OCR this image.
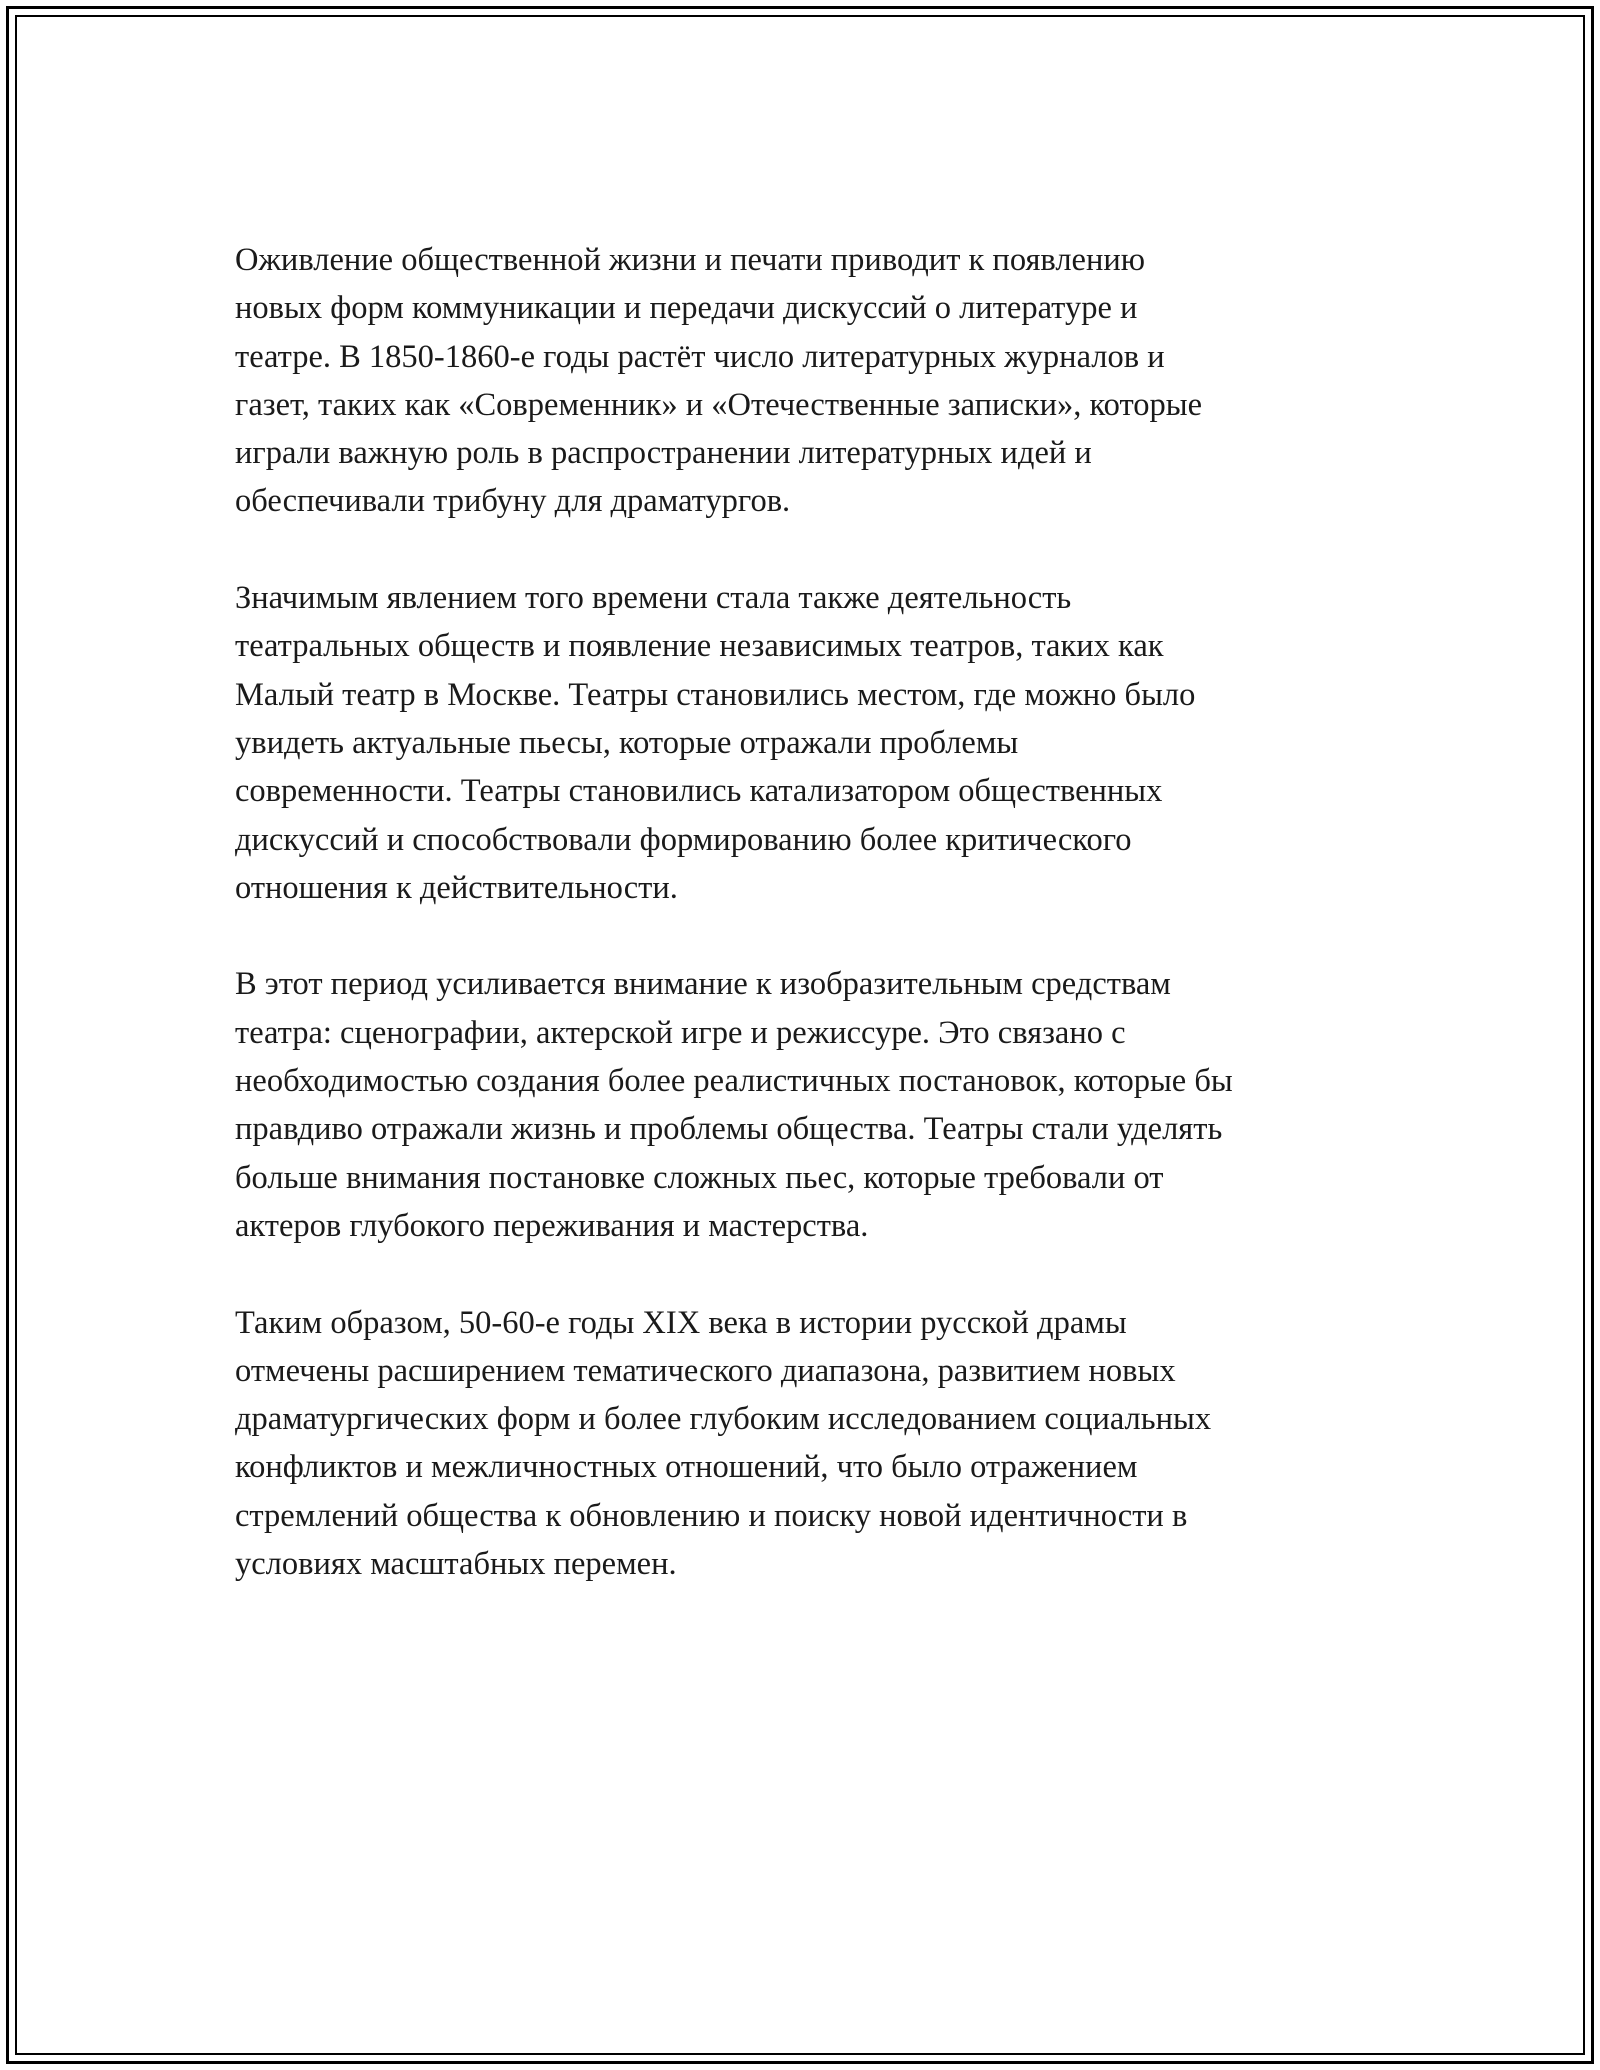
Оживление общественной жизни и печати приводит к появлению
новых форм коммуникации и передачи дискуссий о литературе и
театре. В 1850-1860-е годы растёт число литературных журналов и
газет, таких как «Современник» и «Отечественные записки», которые
играли важную роль в распространении литературных идей и
обеспечивали трибуну для драматургов.

Значимым явлением того времени стала также деятельность
театральных обществ и появление независимых театров, таких как
Малый театр в Москве. Театры становились местом, где можно было
увидеть актуальные пьесы, которые отражали проблемы
современности. Театры становились катализатором общественных
дискуссий и способствовали формированию более критического
отношения к действительности.

В этот период усиливается внимание к изобразительным средствам
театра: сценографии, актерской игре и режиссуре. Это связано с
необходимостью создания более реалистичных постановок, которые бы
правдиво отражали жизнь и проблемы общества. Театры стали уделять
больше внимания постановке сложных пьес, которые требовали от
актеров глубокого переживания и мастерства.

Таким образом, 50-60-е годы XIX века в истории русской драмы
отмечены расширением тематического диапазона, развитием новых
драматургических форм и более глубоким исследованием социальных
конфликтов и межличностных отношений, что было отражением
стремлений общества к обновлению и поиску новой идентичности в
условиях масштабных перемен.
